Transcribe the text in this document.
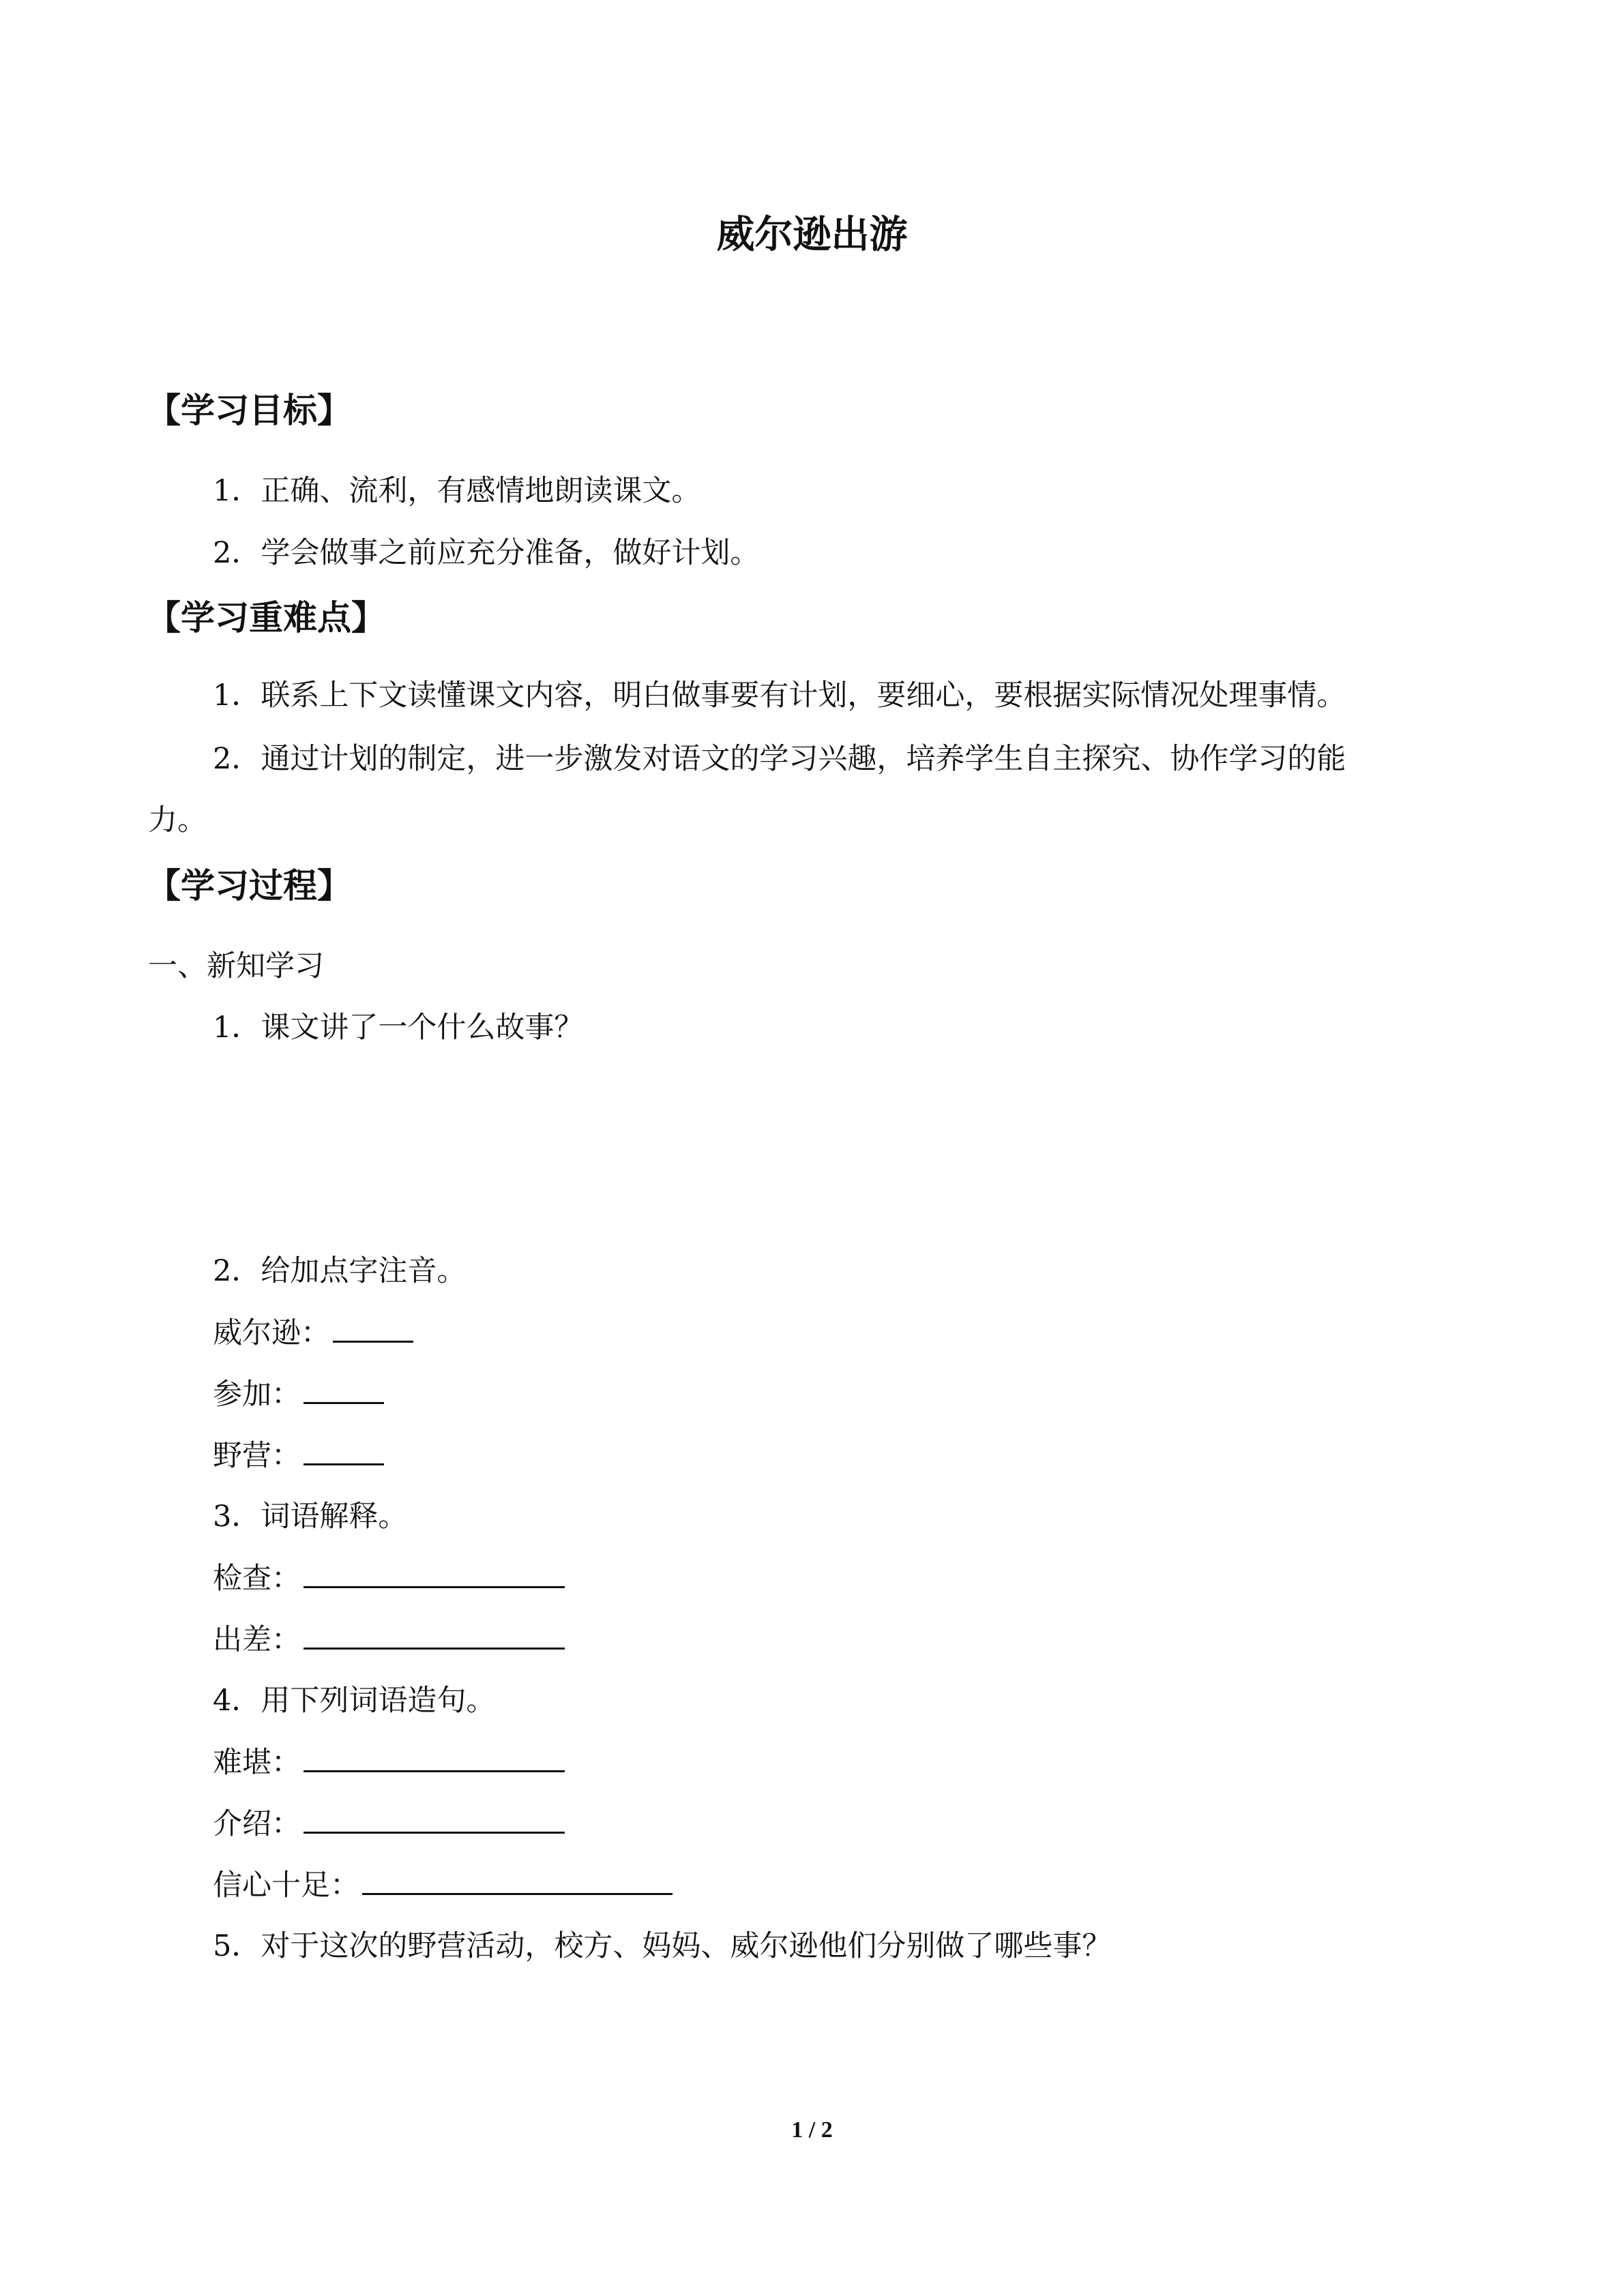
威尔逊出游
【学习目标】
1．正确、流利，有感情地朗读课文。
2．学会做事之前应充分准备，做好计划。
【学习重难点】
1．联系上下文读懂课文内容，明白做事要有计划，要细心，要根据实际情况处理事情。
2．通过计划的制定，进一步激发对语文的学习兴趣，培养学生自主探究、协作学习的能
力。
【学习过程】
一、新知学习
1．课文讲了一个什么故事？
2．给加点字注音。
威尔逊：
参加：
野营：
3．词语解释。
检查：
出差：
4．用下列词语造句。
难堪：
介绍：
信心十足：
5．对于这次的野营活动，校方、妈妈、威尔逊他们分别做了哪些事？
1 / 2
